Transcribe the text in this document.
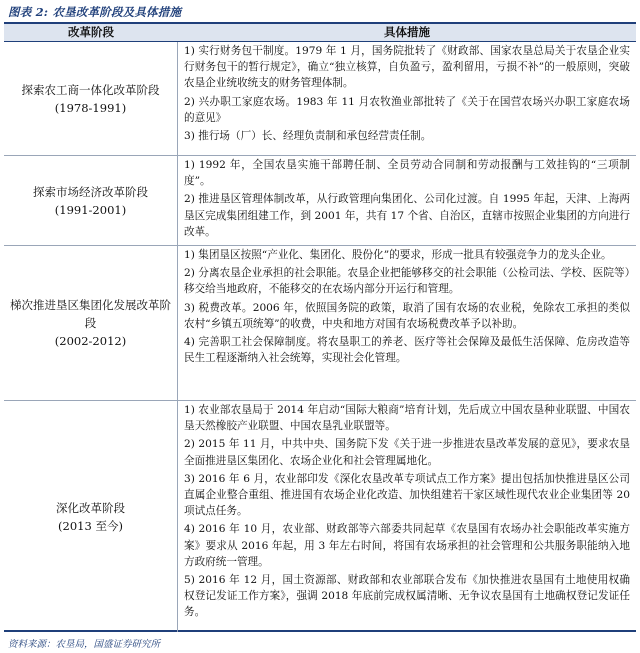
图表 2: 农垦改革阶段及具体措施
改革阶段	具体措施
探索农工商一体化改革阶段
(1978-1991)

1) 实行财务包干制度。1979 年 1 月，国务院批转了《财政部、国家农垦总局关于农垦企业实行财务包干的暂行规定》，确立“独立核算，自负盈亏，盈利留用，亏损不补”的一般原则，突破农垦企业统收统支的财务管理体制。

2) 兴办职工家庭农场。1983 年 11 月农牧渔业部批转了《关于在国营农场兴办职工家庭农场的意见》

3) 推行场（厂）长、经理负责制和承包经营责任制。

探索市场经济改革阶段
(1991-2001)

1) 1992 年，全国农垦实施干部聘任制、全员劳动合同制和劳动报酬与工效挂钩的“三项制度”。

2) 推进垦区管理体制改革，从行政管理向集团化、公司化过渡。自 1995 年起，天津、上海两垦区完成集团组建工作，到 2001 年，共有 17 个省、自治区，直辖市按照企业集团的方向进行改革。

梯次推进垦区集团化发展改革阶段
(2002-2012)

1) 集团垦区按照“产业化、集团化、股份化”的要求，形成一批具有较强竞争力的龙头企业。

2) 分离农垦企业承担的社会职能。农垦企业把能够移交的社会职能（公检司法、学校、医院等）移交给当地政府，不能移交的在农场内部分开运行和管理。

3) 税费改革。2006 年，依照国务院的政策，取消了国有农场的农业税，免除农工承担的类似农村“乡镇五项统筹”的收费，中央和地方对国有农场税费改革予以补助。

4) 完善职工社会保障制度。将农垦职工的养老、医疗等社会保障及最低生活保障、危房改造等民生工程逐渐纳入社会统筹，实现社会化管理。

深化改革阶段
(2013 至今)

1) 农业部农垦局于 2014 年启动“国际大粮商”培育计划，先后成立中国农垦种业联盟、中国农垦天然橡胶产业联盟、中国农垦乳业联盟等。

2) 2015 年 11 月，中共中央、国务院下发《关于进一步推进农垦改革发展的意见》，要求农垦全面推进垦区集团化、农场企业化和社会管理属地化。

3) 2016 年 6 月，农业部印发《深化农垦改革专项试点工作方案》提出包括加快推进垦区公司直属企业整合重组、推进国有农场企业化改造、加快组建若干家区域性现代农业企业集团等 20 项试点任务。

4) 2016 年 10 月，农业部、财政部等六部委共同起草《农垦国有农场办社会职能改革实施方案》要求从 2016 年起，用 3 年左右时间，将国有农场承担的社会管理和公共服务职能纳入地方政府统一管理。

5) 2016 年 12 月，国土资源部、财政部和农业部联合发布《加快推进农垦国有土地使用权确权登记发证工作方案》，强调 2018 年底前完成权属清晰、无争议农垦国有土地确权登记发证任务。

资料来源：农垦局，国盛证券研究所
